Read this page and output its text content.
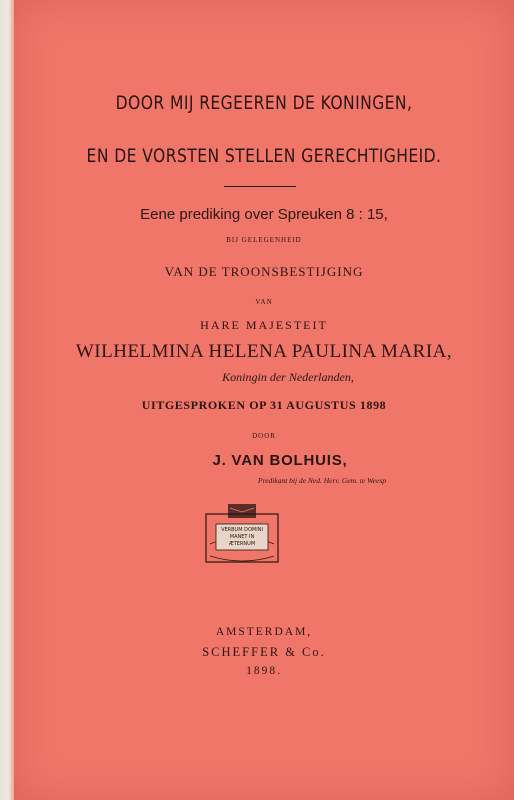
DOOR MIJ REGEEREN DE KONINGEN,
EN DE VORSTEN STELLEN GERECHTIGHEID.
Eene prediking over Spreuken 8 : 15,
BIJ GELEGENHEID
VAN DE TROONSBESTIJGING
VAN
HARE MAJESTEIT
WILHELMINA HELENA PAULINA MARIA,
Koningin der Nederlanden,
UITGESPROKEN OP 31 AUGUSTUS 1898
DOOR
J. VAN BOLHUIS,
Predikant bij de Ned. Herv. Gem. te Weesp
VERBUM DOMINI
MANET IN
ÆTERNUM
AMSTERDAM,
SCHEFFER & Co.
1898.
